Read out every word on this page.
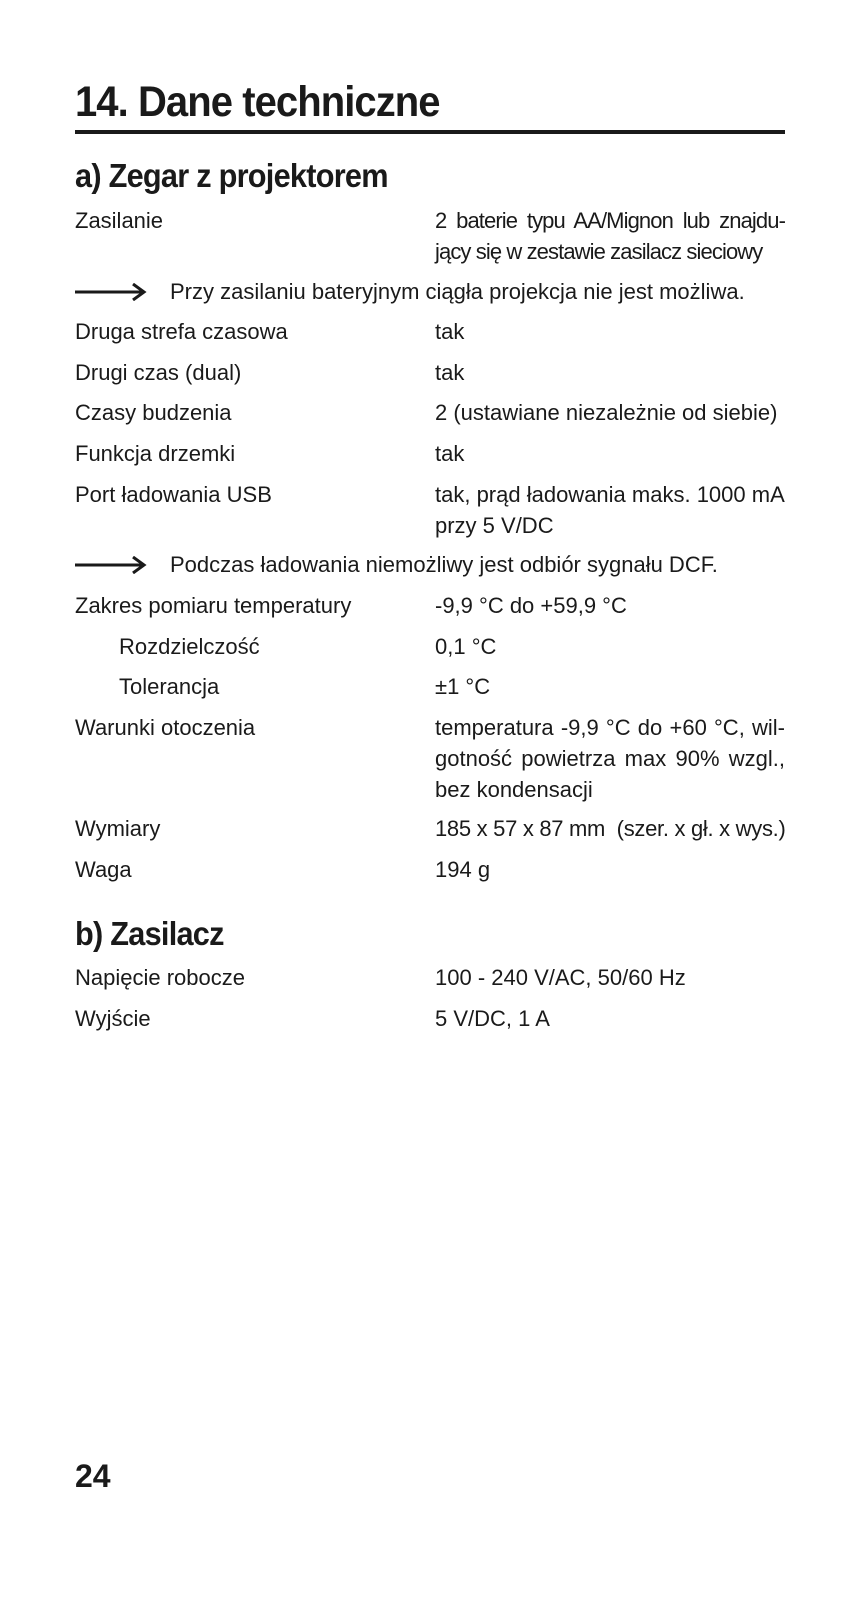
14. Dane techniczne
a) Zegar z projektorem
Zasilanie	2 baterie typu AA/Mignon lub znajdu-jący się w zestawie zasilacz sieciowy
Przy zasilaniu bateryjnym ciągła projekcja nie jest możliwa.
Druga strefa czasowa	tak
Drugi czas (dual)	tak
Czasy budzenia	2 (ustawiane niezależnie od siebie)
Funkcja drzemki	tak
Port ładowania USB	tak, prąd ładowania maks. 1000 mA przy 5 V/DC
Podczas ładowania niemożliwy jest odbiór sygnału DCF.
Zakres pomiaru temperatury	-9,9 °C do +59,9 °C
Rozdzielczość	0,1 °C
Tolerancja	±1 °C
Warunki otoczenia	temperatura -9,9 °C do +60 °C, wil-gotność powietrza max 90% wzgl., bez kondensacji
Wymiary	185 x 57 x 87 mm  (szer. x gł. x wys.)
Waga	194 g
b) Zasilacz
Napięcie robocze	100 - 240 V/AC, 50/60 Hz
Wyjście	5 V/DC, 1 A

24
